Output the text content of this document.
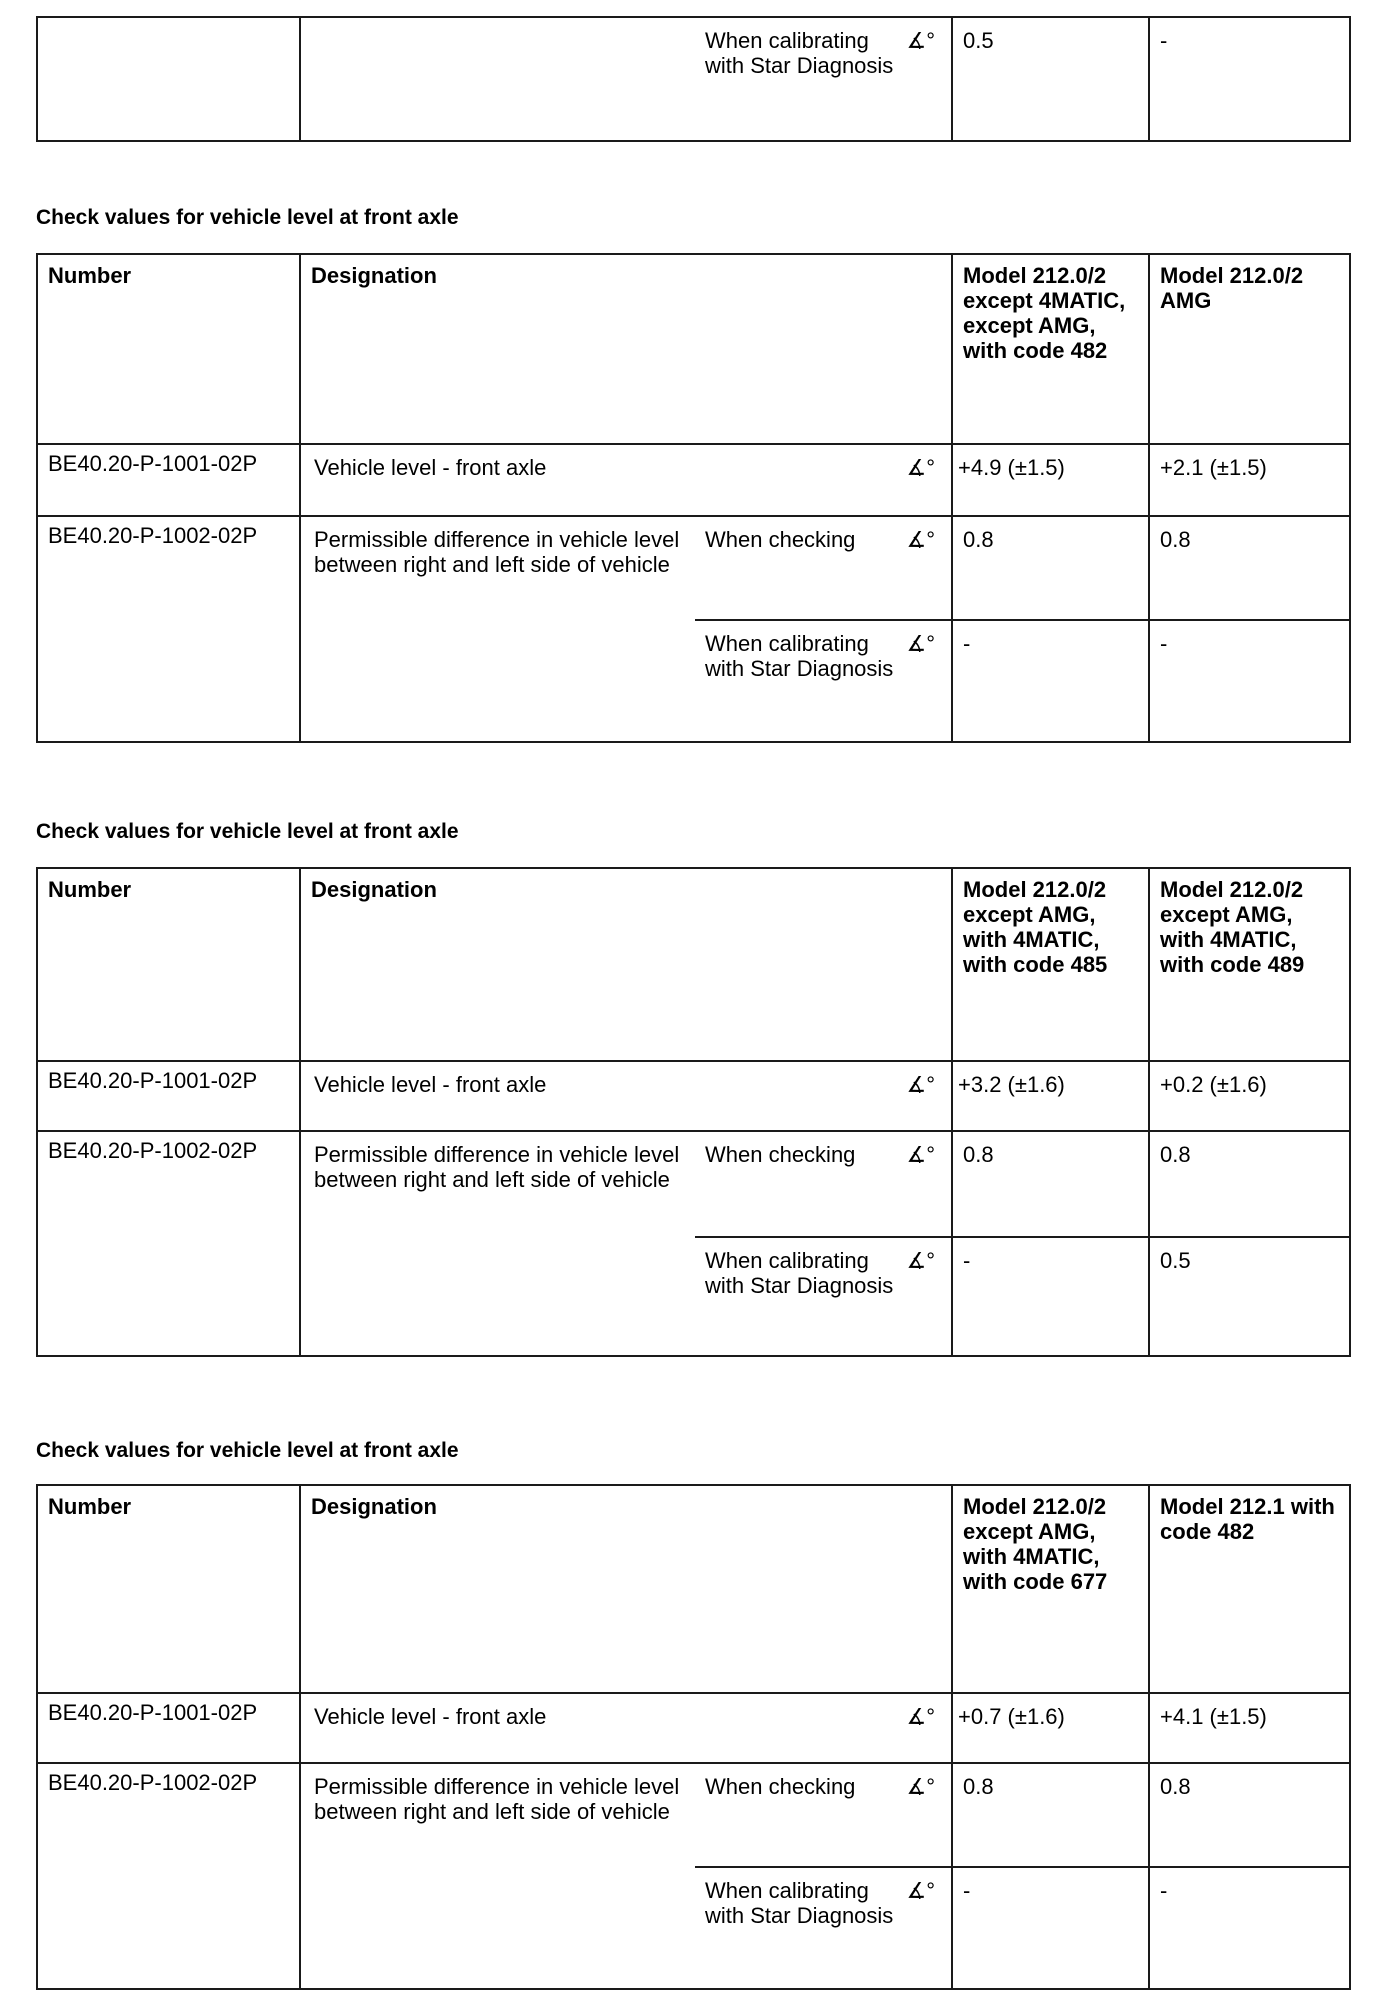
		When calibrating with Star Diagnosis	∡°	0.5	-
Check values for vehicle level at front axle
Number	Designation			Model 212.0/2 except 4MATIC, except AMG, with code 482	Model 212.0/2 AMG
BE40.20-P-1001-02P	Vehicle level - front axle		∡°	+4.9 (±1.5)	+2.1 (±1.5)
BE40.20-P-1002-02P	Permissible difference in vehicle level between right and left side of vehicle	When checking	∡°	0.8	0.8
		When calibrating with Star Diagnosis	∡°	-	-
Check values for vehicle level at front axle
Number	Designation			Model 212.0/2 except AMG, with 4MATIC, with code 485	Model 212.0/2 except AMG, with 4MATIC, with code 489
BE40.20-P-1001-02P	Vehicle level - front axle		∡°	+3.2 (±1.6)	+0.2 (±1.6)
BE40.20-P-1002-02P	Permissible difference in vehicle level between right and left side of vehicle	When checking	∡°	0.8	0.8
		When calibrating with Star Diagnosis	∡°	-	0.5
Check values for vehicle level at front axle
Number	Designation			Model 212.0/2 except AMG, with 4MATIC, with code 677	Model 212.1 with code 482
BE40.20-P-1001-02P	Vehicle level - front axle		∡°	+0.7 (±1.6)	+4.1 (±1.5)
BE40.20-P-1002-02P	Permissible difference in vehicle level between right and left side of vehicle	When checking	∡°	0.8	0.8
		When calibrating with Star Diagnosis	∡°	-	-
